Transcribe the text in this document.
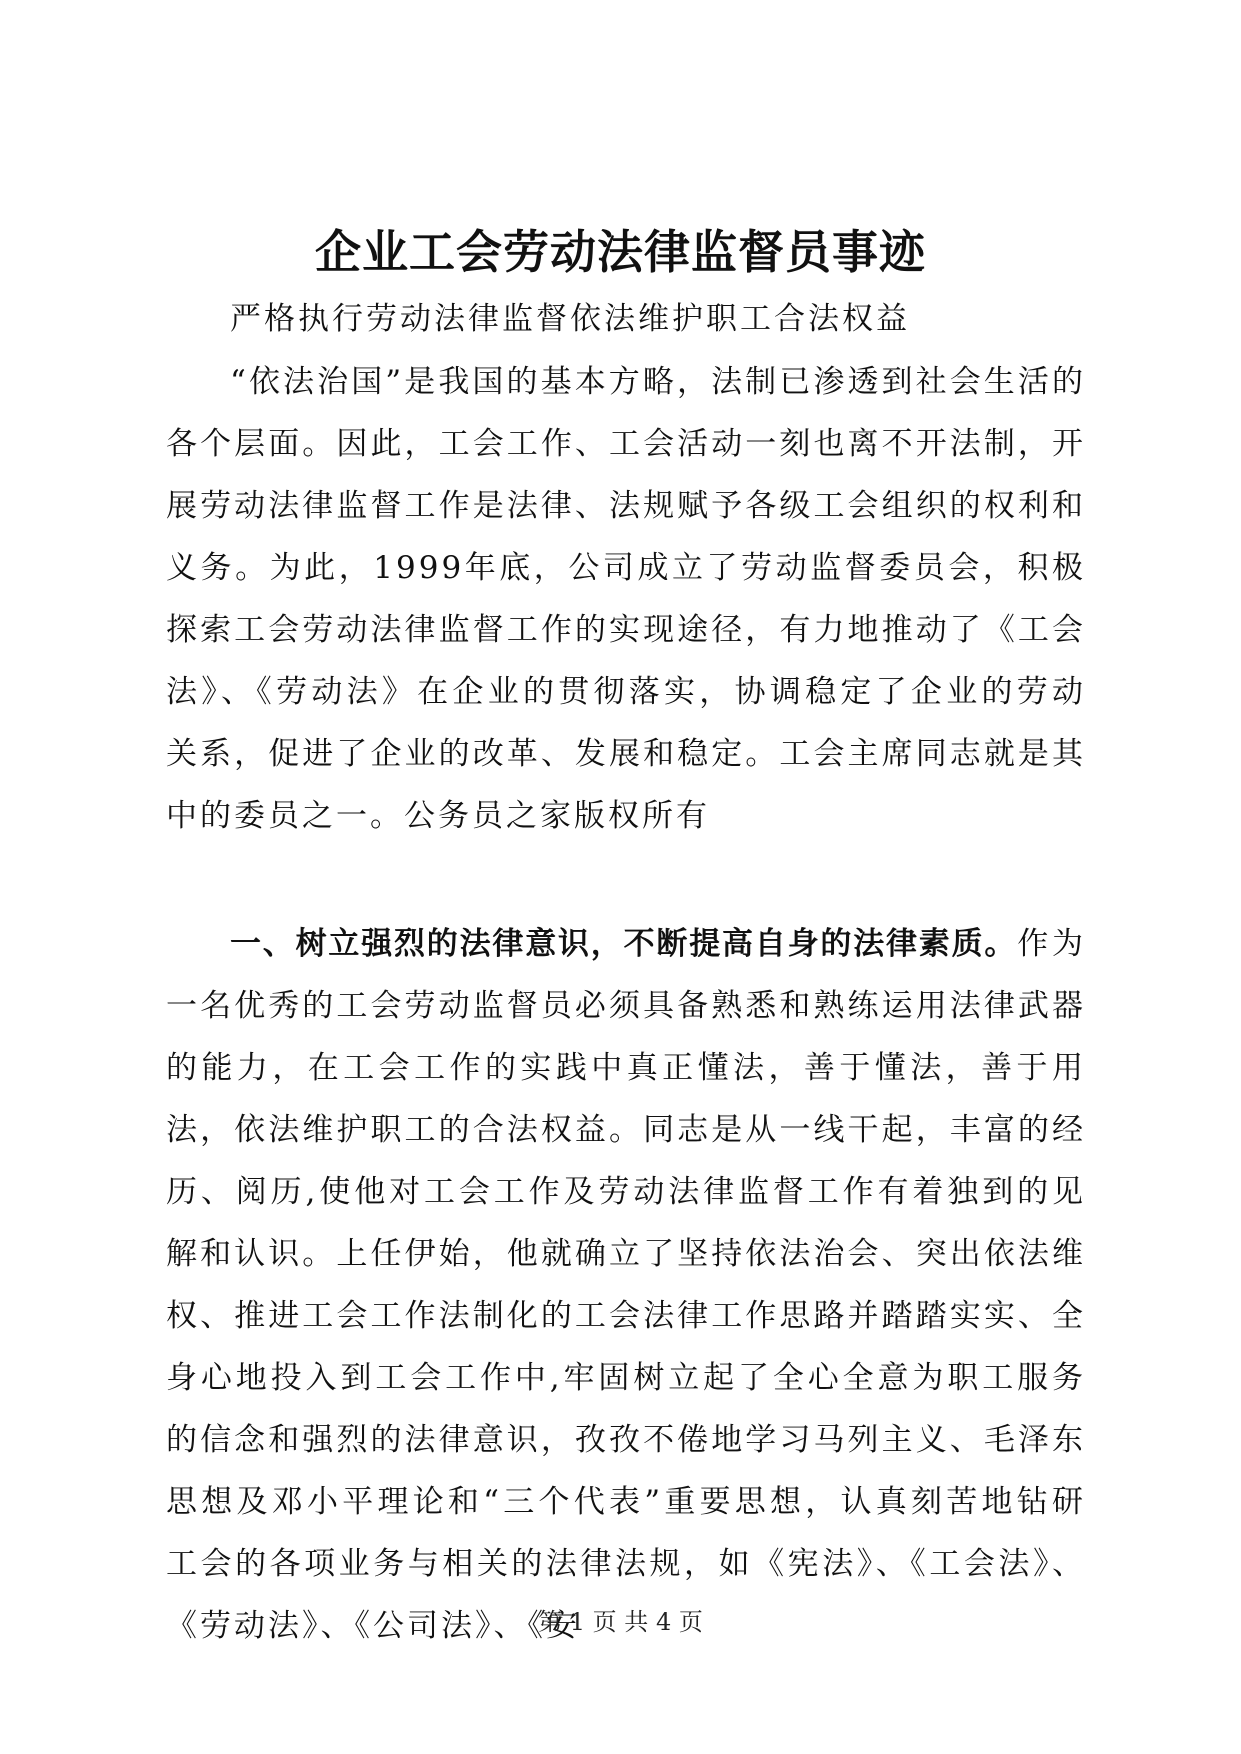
企业工会劳动法律监督员事迹
严格执行劳动法律监督依法维护职工合法权益
“依法治国”是我国的基本方略，法制已渗透到社会生活的各个层面。因此，工会工作、工会活动一刻也离不开法制，开展劳动法律监督工作是法律、法规赋予各级工会组织的权利和义务。为此，1999年底，公司成立了劳动监督委员会，积极探索工会劳动法律监督工作的实现途径，有力地推动了《工会法》、《劳动法》在企业的贯彻落实，协调稳定了企业的劳动关系，促进了企业的改革、发展和稳定。工会主席同志就是其中的委员之一。公务员之家版权所有
一、树立强烈的法律意识，不断提高自身的法律素质。作为一名优秀的工会劳动监督员必须具备熟悉和熟练运用法律武器的能力，在工会工作的实践中真正懂法，善于懂法，善于用法，依法维护职工的合法权益。同志是从一线干起，丰富的经历、阅历,使他对工会工作及劳动法律监督工作有着独到的见解和认识。上任伊始，他就确立了坚持依法治会、突出依法维权、推进工会工作法制化的工会法律工作思路并踏踏实实、全身心地投入到工会工作中,牢固树立起了全心全意为职工服务的信念和强烈的法律意识，孜孜不倦地学习马列主义、毛泽东思想及邓小平理论和“三个代表”重要思想，认真刻苦地钻研工会的各项业务与相关的法律法规，如《宪法》、《工会法》、《劳动法》、《公司法》、《安
第 1 页 共 4 页
